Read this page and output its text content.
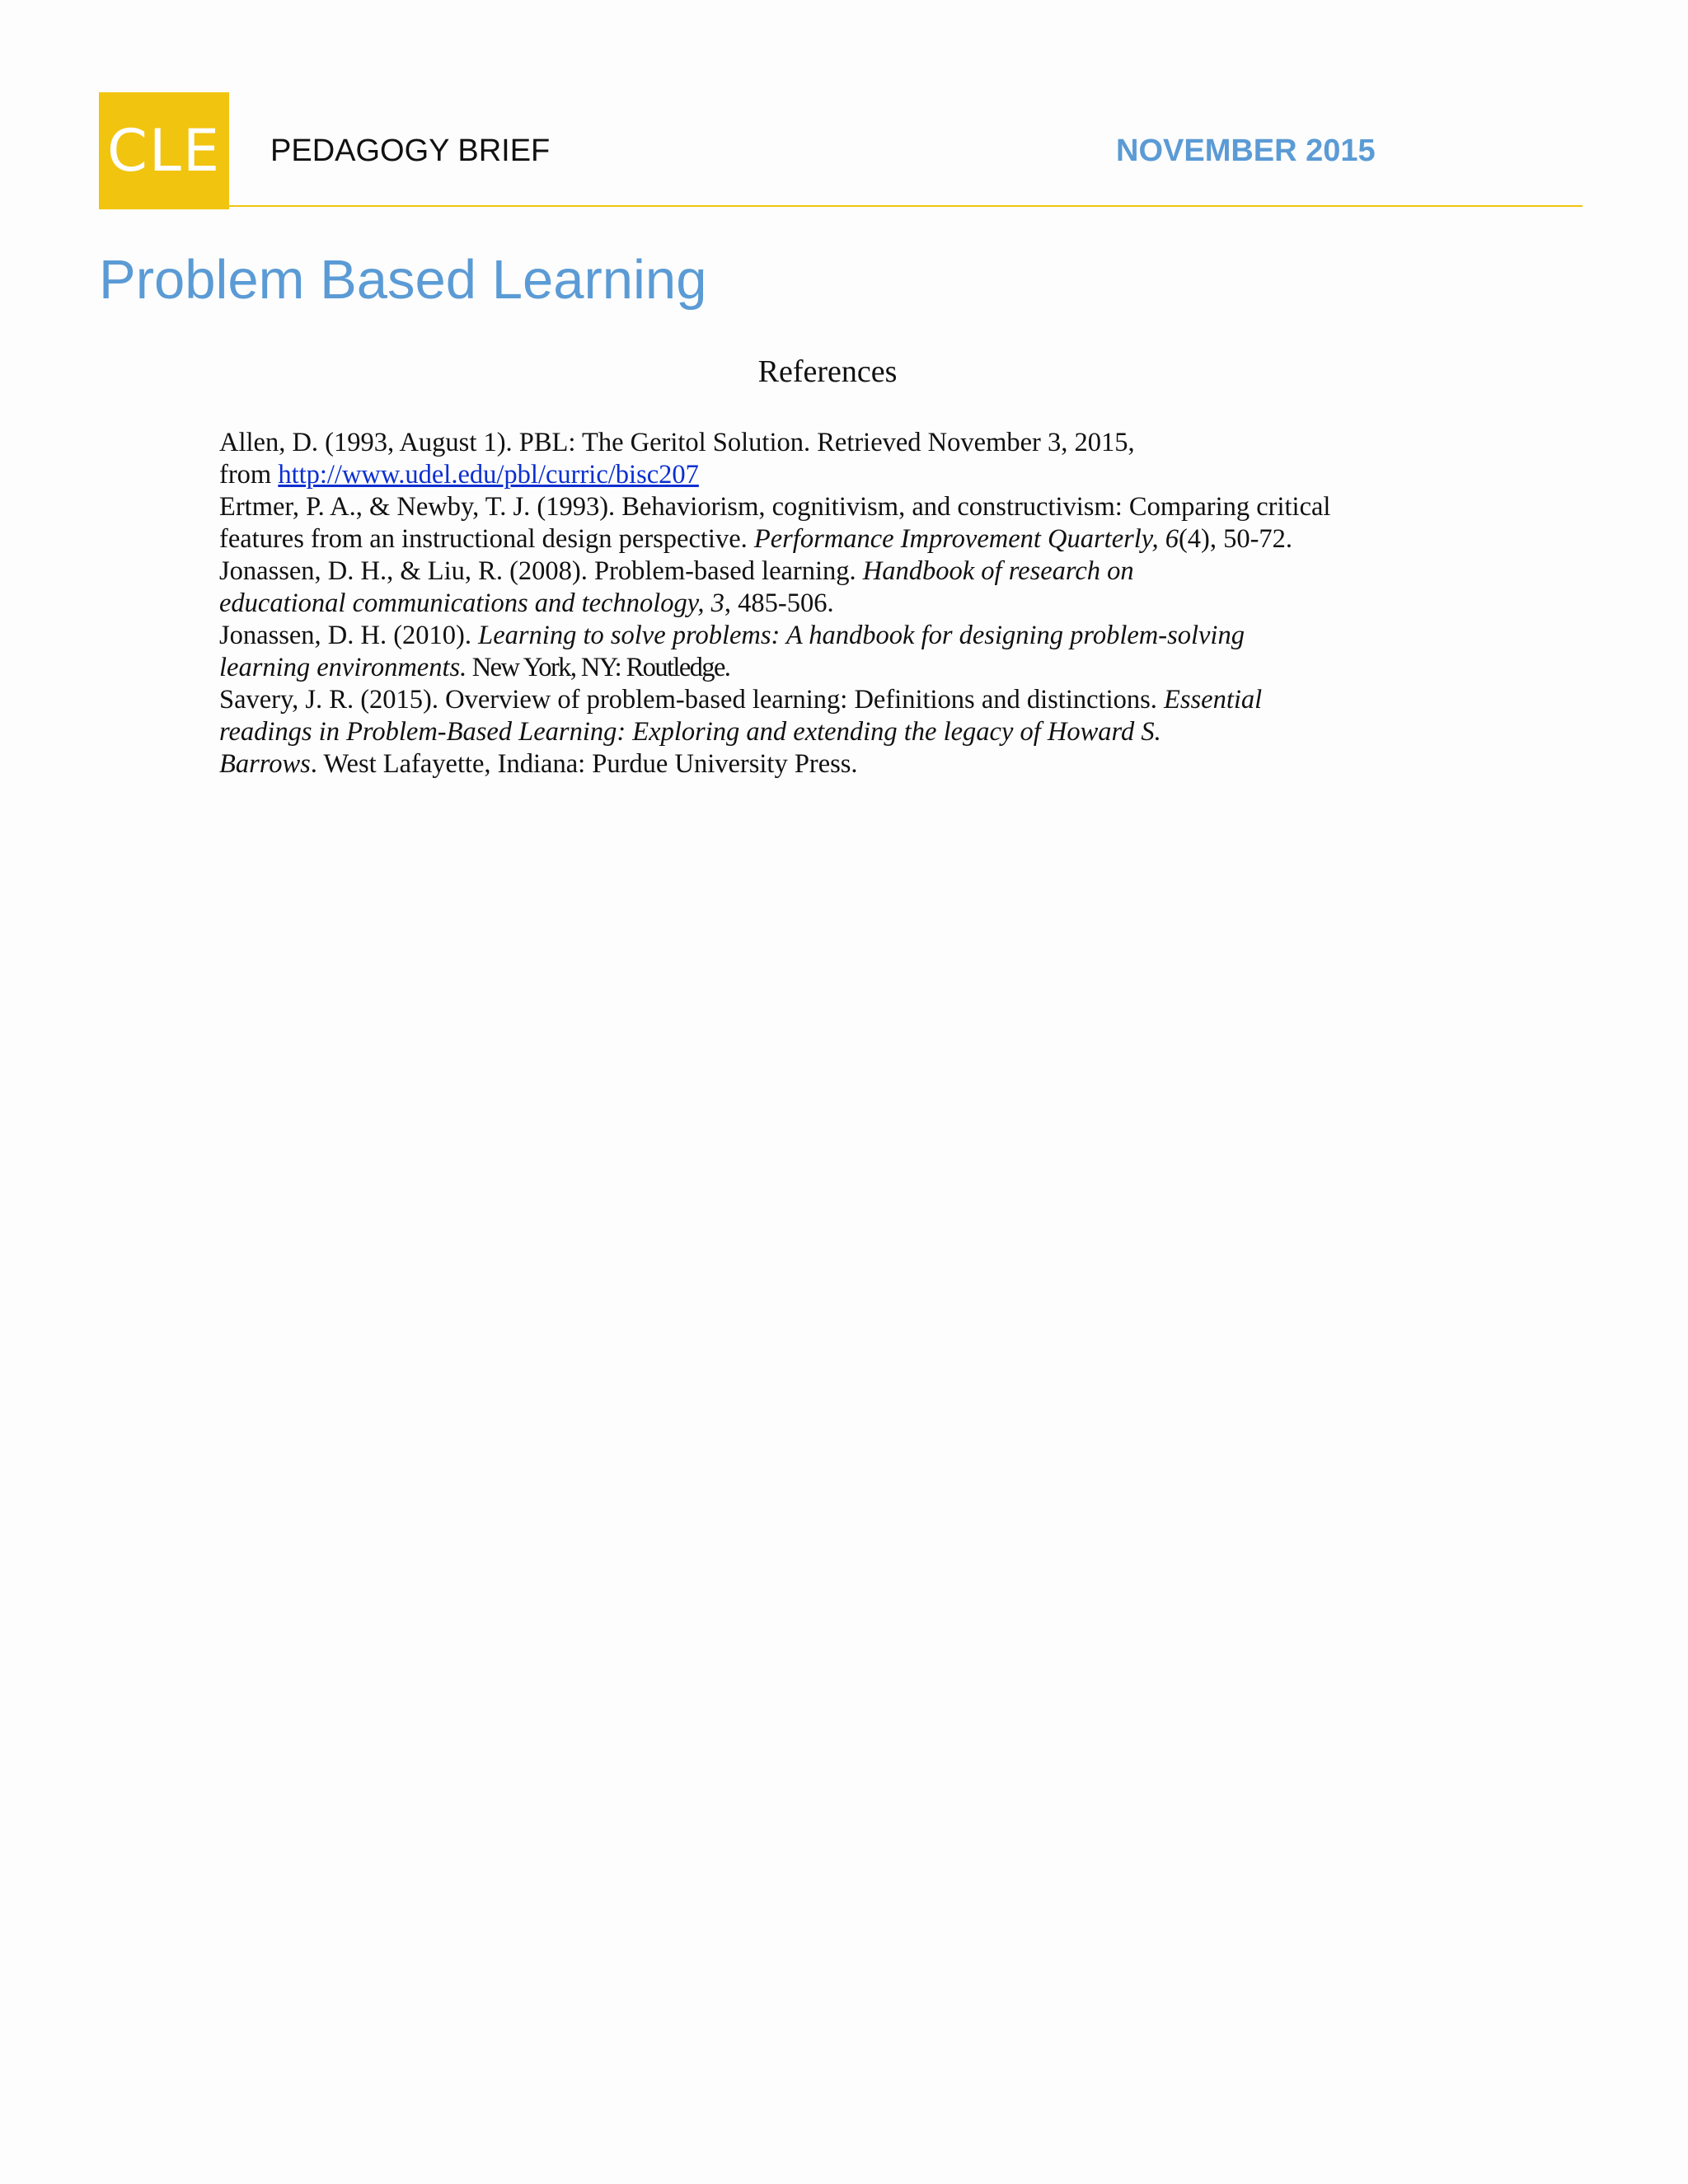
CLE PEDAGOGY BRIEF	NOVEMBER 2015
Problem Based Learning
References
Allen, D. (1993, August 1). PBL: The Geritol Solution. Retrieved November 3, 2015,
from http://www.udel.edu/pbl/curric/bisc207
Ertmer, P. A., & Newby, T. J. (1993). Behaviorism, cognitivism, and constructivism: Comparing critical
features from an instructional design perspective. Performance Improvement Quarterly, 6(4), 50-72.
Jonassen, D. H., & Liu, R. (2008). Problem-based learning. Handbook of research on
educational communications and technology, 3, 485-506.
Jonassen, D. H. (2010). Learning to solve problems: A handbook for designing problem-solving
learning environments. New York, NY: Routledge.
Savery, J. R. (2015). Overview of problem-based learning: Definitions and distinctions. Essential
readings in Problem-Based Learning: Exploring and extending the legacy of Howard S.
Barrows. West Lafayette, Indiana: Purdue University Press.
